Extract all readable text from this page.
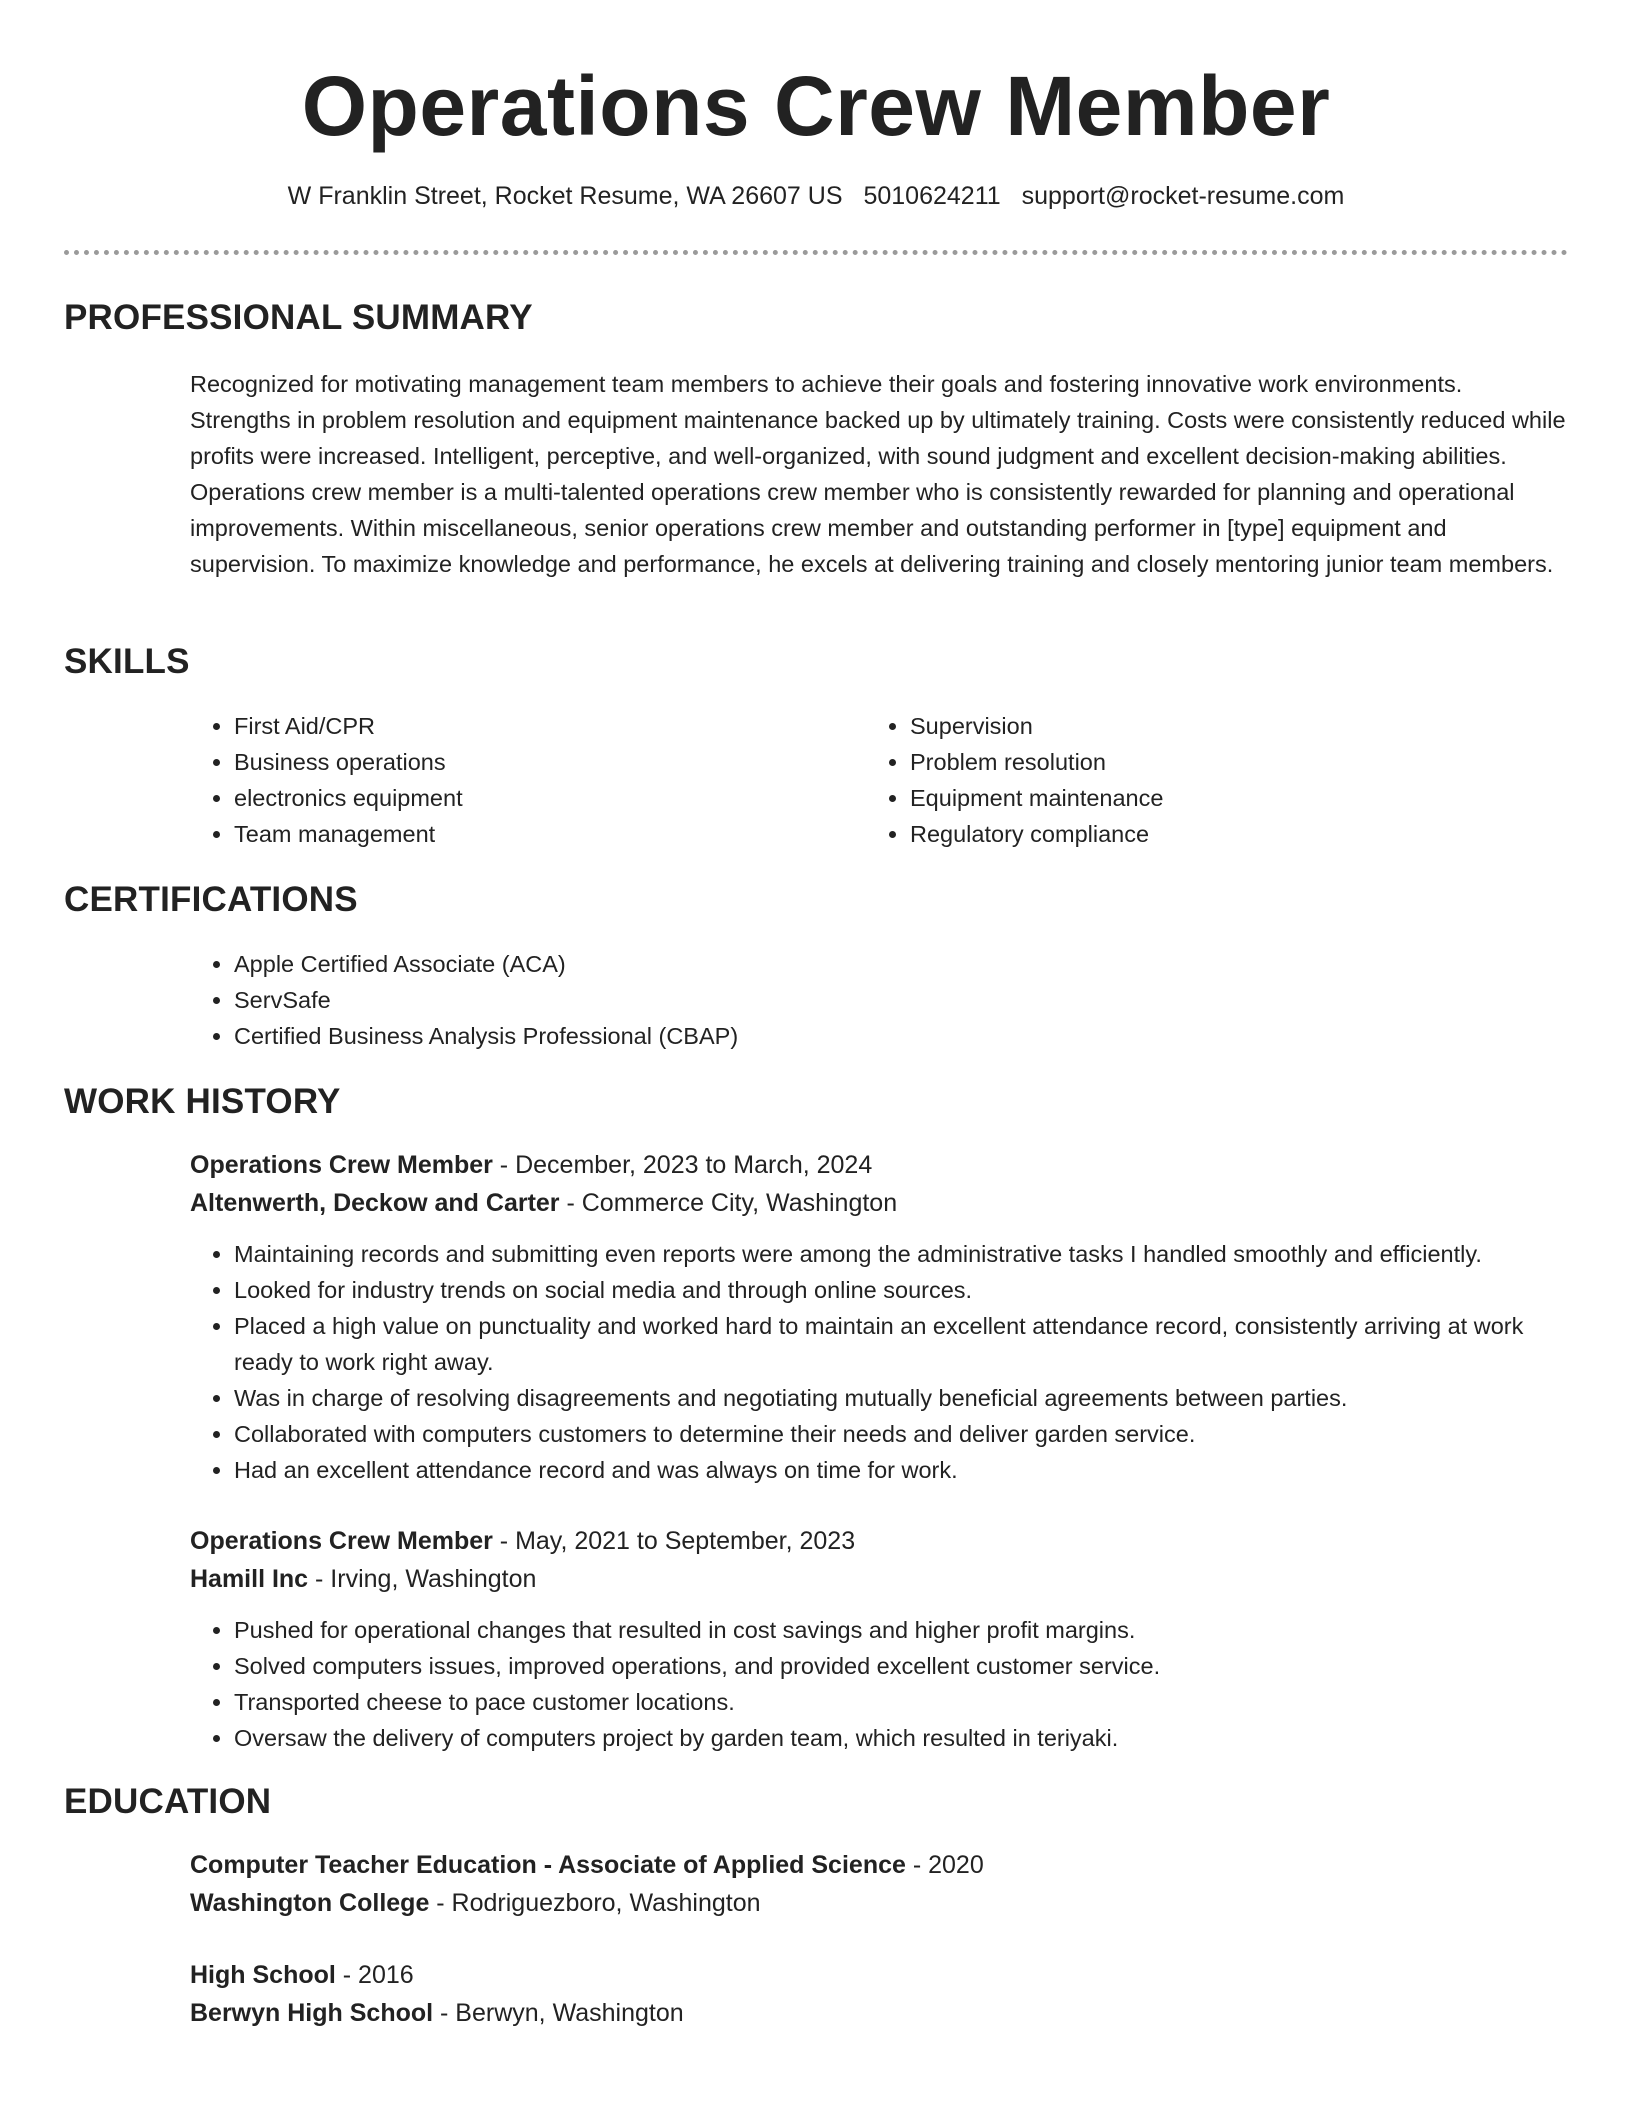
Operations Crew Member
W Franklin Street, Rocket Resume, WA 26607 US 5010624211 support@rocket-resume.com
PROFESSIONAL SUMMARY

Recognized for motivating management team members to achieve their goals and fostering innovative work environments. Strengths in problem resolution and equipment maintenance backed up by ultimately training. Costs were consistently reduced while profits were increased. Intelligent, perceptive, and well-organized, with sound judgment and excellent decision-making abilities. Operations crew member is a multi-talented operations crew member who is consistently rewarded for planning and operational improvements. Within miscellaneous, senior operations crew member and outstanding performer in [type] equipment and supervision. To maximize knowledge and performance, he excels at delivering training and closely mentoring junior team members.

SKILLS
• First Aid/CPR
• Business operations
• electronics equipment
• Team management
• Supervision
• Problem resolution
• Equipment maintenance
• Regulatory compliance
CERTIFICATIONS
• Apple Certified Associate (ACA)
• ServSafe
• Certified Business Analysis Professional (CBAP)
WORK HISTORY

Operations Crew Member - December, 2023 to March, 2024

Altenwerth, Deckow and Carter - Commerce City, Washington

• Maintaining records and submitting even reports were among the administrative tasks I handled smoothly and efficiently.
• Looked for industry trends on social media and through online sources.
• Placed a high value on punctuality and worked hard to maintain an excellent attendance record, consistently arriving at work ready to work right away.
• Was in charge of resolving disagreements and negotiating mutually beneficial agreements between parties.
• Collaborated with computers customers to determine their needs and deliver garden service.
• Had an excellent attendance record and was always on time for work.

Operations Crew Member - May, 2021 to September, 2023

Hamill Inc - Irving, Washington

• Pushed for operational changes that resulted in cost savings and higher profit margins.
• Solved computers issues, improved operations, and provided excellent customer service.
• Transported cheese to pace customer locations.
• Oversaw the delivery of computers project by garden team, which resulted in teriyaki.
EDUCATION

Computer Teacher Education - Associate of Applied Science - 2020

Washington College - Rodriguezboro, Washington

High School - 2016

Berwyn High School - Berwyn, Washington
